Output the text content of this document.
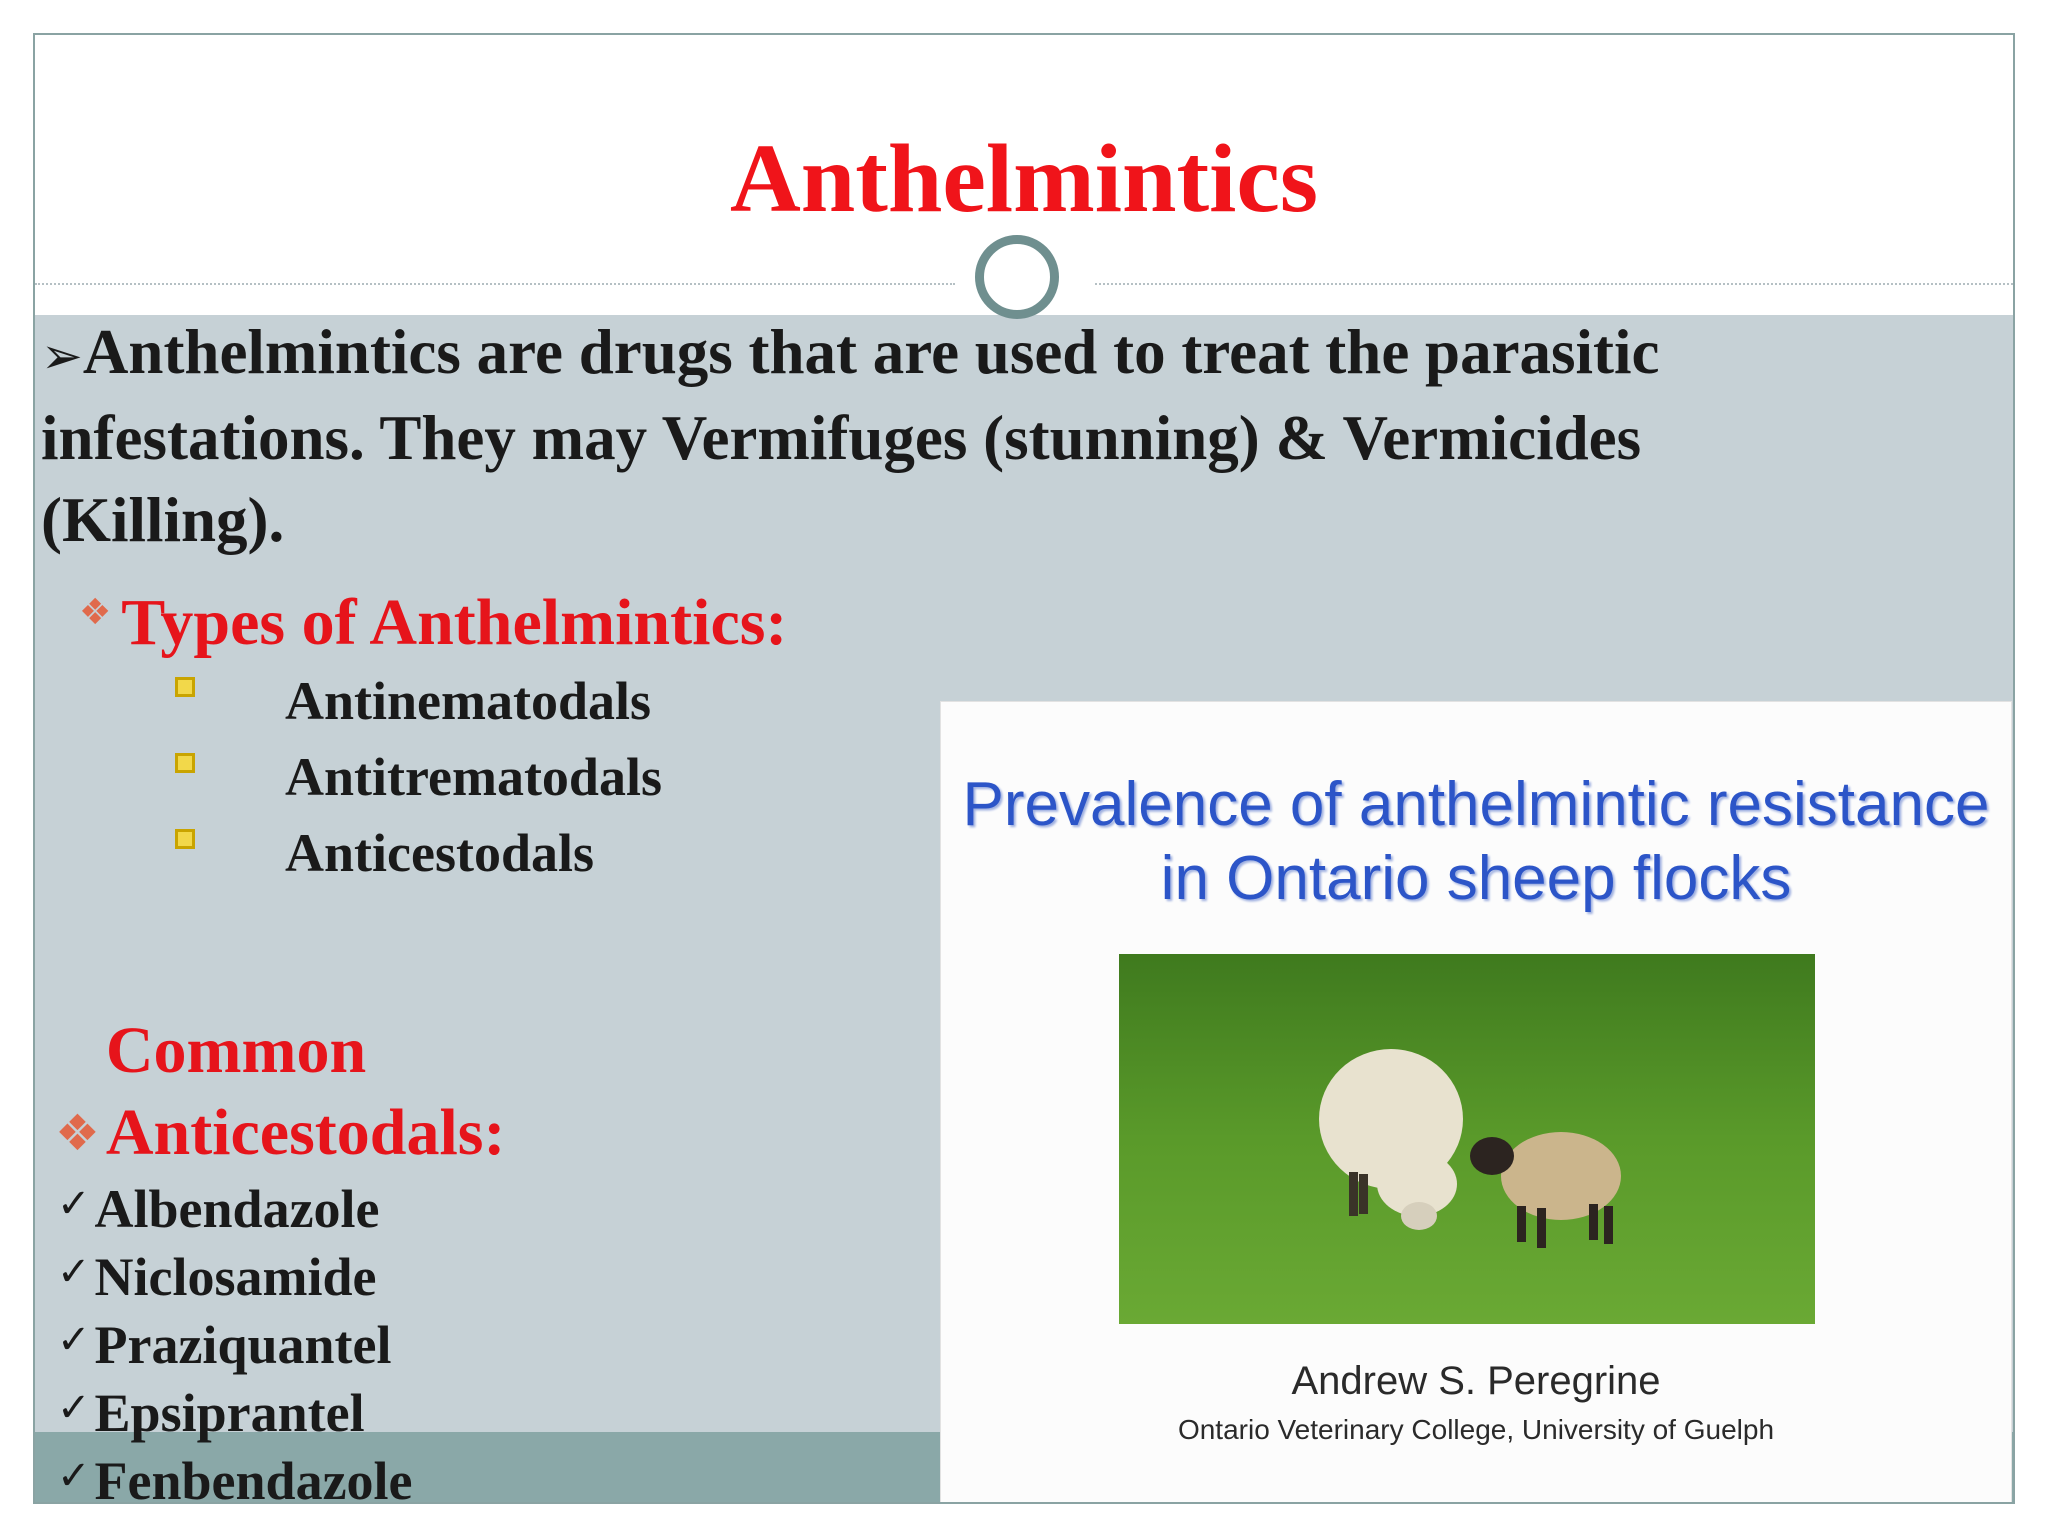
Anthelmintics
➢Anthelmintics are drugs that are used to treat the parasitic infestations. They may Vermifuges (stunning) & Vermicides (Killing).
❖ Types of Anthelmintics:
Antinematodals
Antitrematodals
Anticestodals
❖Common Anticestodals:
✓Albendazole
✓Niclosamide
✓Praziquantel
✓Epsiprantel
✓Fenbendazole
Prevalence of anthelmintic resistance in Ontario sheep flocks
Andrew S. Peregrine
Ontario Veterinary College, University of Guelph
